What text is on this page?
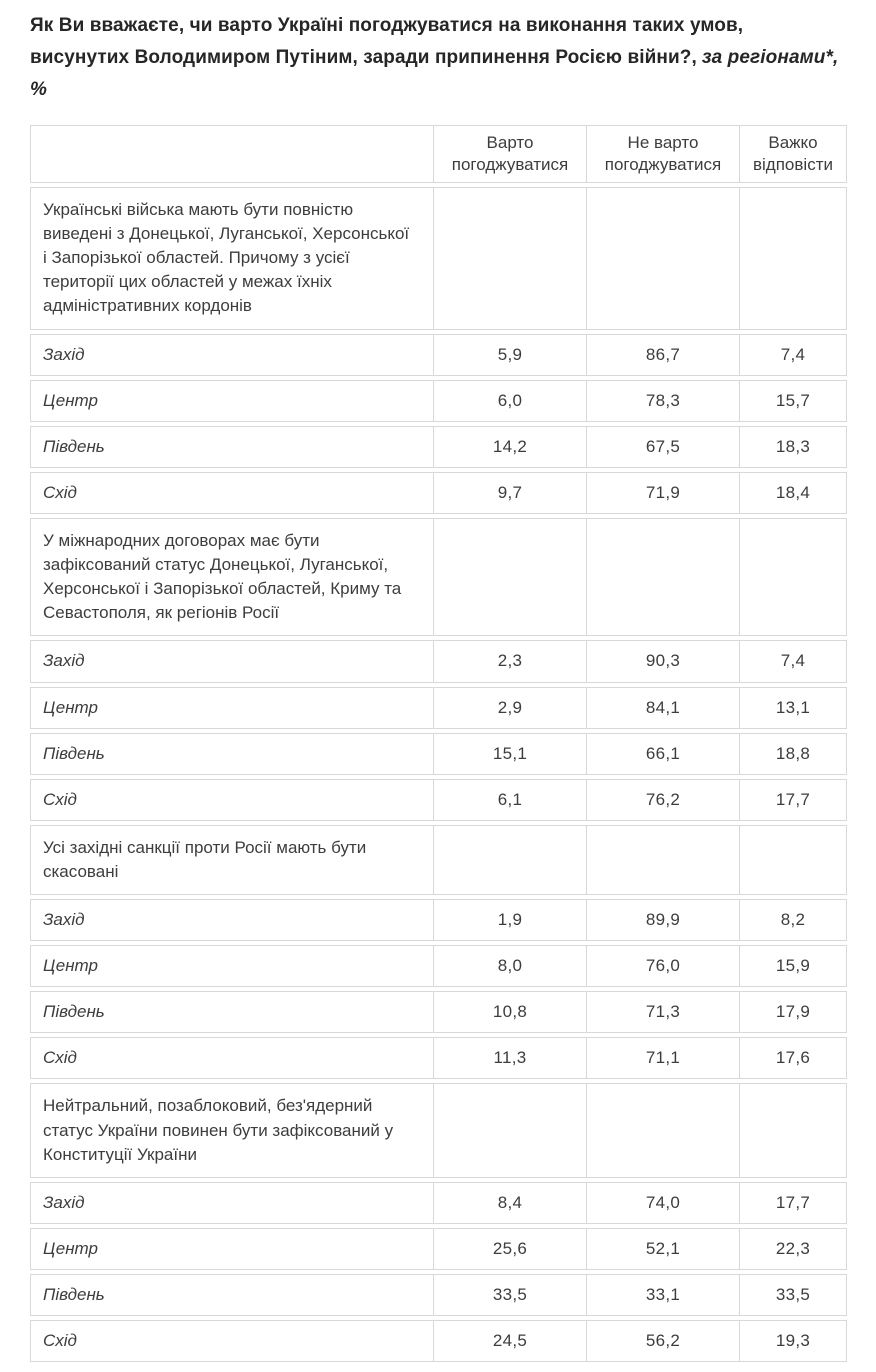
Як Ви вважаєте, чи варто Україні погоджуватися на виконання таких умов, висунутих Володимиром Путіним, заради припинення Росією війни?, за регіонами*, %
	Варто погоджуватися	Не варто погоджуватися	Важко відповісти
Українські війська мають бути повністю виведені з Донецької, Луганської, Херсонської і Запорізької областей. Причому з усієї території цих областей у межах їхніх адміністративних кордонів			
Захід	5,9	86,7	7,4
Центр	6,0	78,3	15,7
Південь	14,2	67,5	18,3
Схід	9,7	71,9	18,4
У міжнародних договорах має бути зафіксований статус Донецької, Луганської, Херсонської і Запорізької областей, Криму та Севастополя, як регіонів Росії			
Захід	2,3	90,3	7,4
Центр	2,9	84,1	13,1
Південь	15,1	66,1	18,8
Схід	6,1	76,2	17,7
Усі західні санкції проти Росії мають бути скасовані			
Захід	1,9	89,9	8,2
Центр	8,0	76,0	15,9
Південь	10,8	71,3	17,9
Схід	11,3	71,1	17,6
Нейтральний, позаблоковий, без'ядерний статус України повинен бути зафіксований у Конституції України			
Захід	8,4	74,0	17,7
Центр	25,6	52,1	22,3
Південь	33,5	33,1	33,5
Схід	24,5	56,2	19,3
